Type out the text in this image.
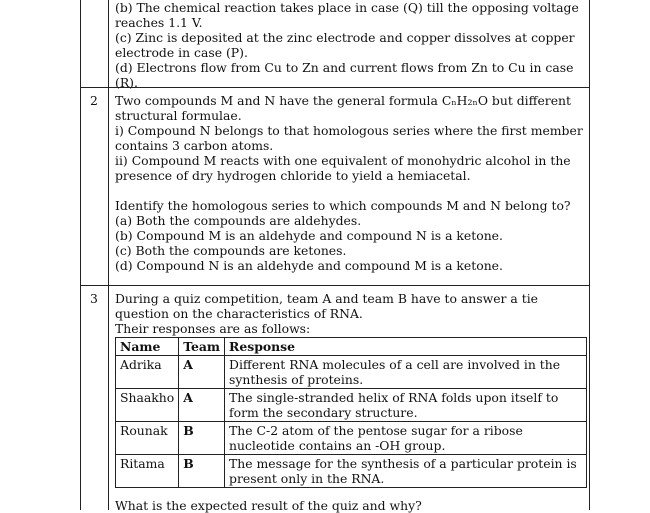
(b) The chemical reaction takes place in case (Q) till the opposing voltage reaches 1.1 V.

(c) Zinc is deposited at the zinc electrode and copper dissolves at copper electrode in case (P).

(d) Electrons flow from Cu to Zn and current flows from Zn to Cu in case (R).

2	Two compounds M and N have the general formula CₙH₂ₙO but different structural formulae.

i) Compound N belongs to that homologous series where the first member contains 3 carbon atoms.

ii) Compound M reacts with one equivalent of monohydric alcohol in the presence of dry hydrogen chloride to yield a hemiacetal.

Identify the homologous series to which compounds M and N belong to?

(a) Both the compounds are aldehydes.

(b) Compound M is an aldehyde and compound N is a ketone.

(c) Both the compounds are ketones.

(d) Compound N is an aldehyde and compound M is a ketone.

3	During a quiz competition, team A and team B have to answer a tie question on the characteristics of RNA.

Their responses are as follows:

Name	Team	Response
Adrika	A	Different RNA molecules of a cell are involved in the synthesis of proteins.
Shaakho	A	The single-stranded helix of RNA folds upon itself to form the secondary structure.
Rounak	B	The C-2 atom of the pentose sugar for a ribose nucleotide contains an -OH group.
Ritama	B	The message for the synthesis of a particular protein is present only in the RNA.

What is the expected result of the quiz and why?
